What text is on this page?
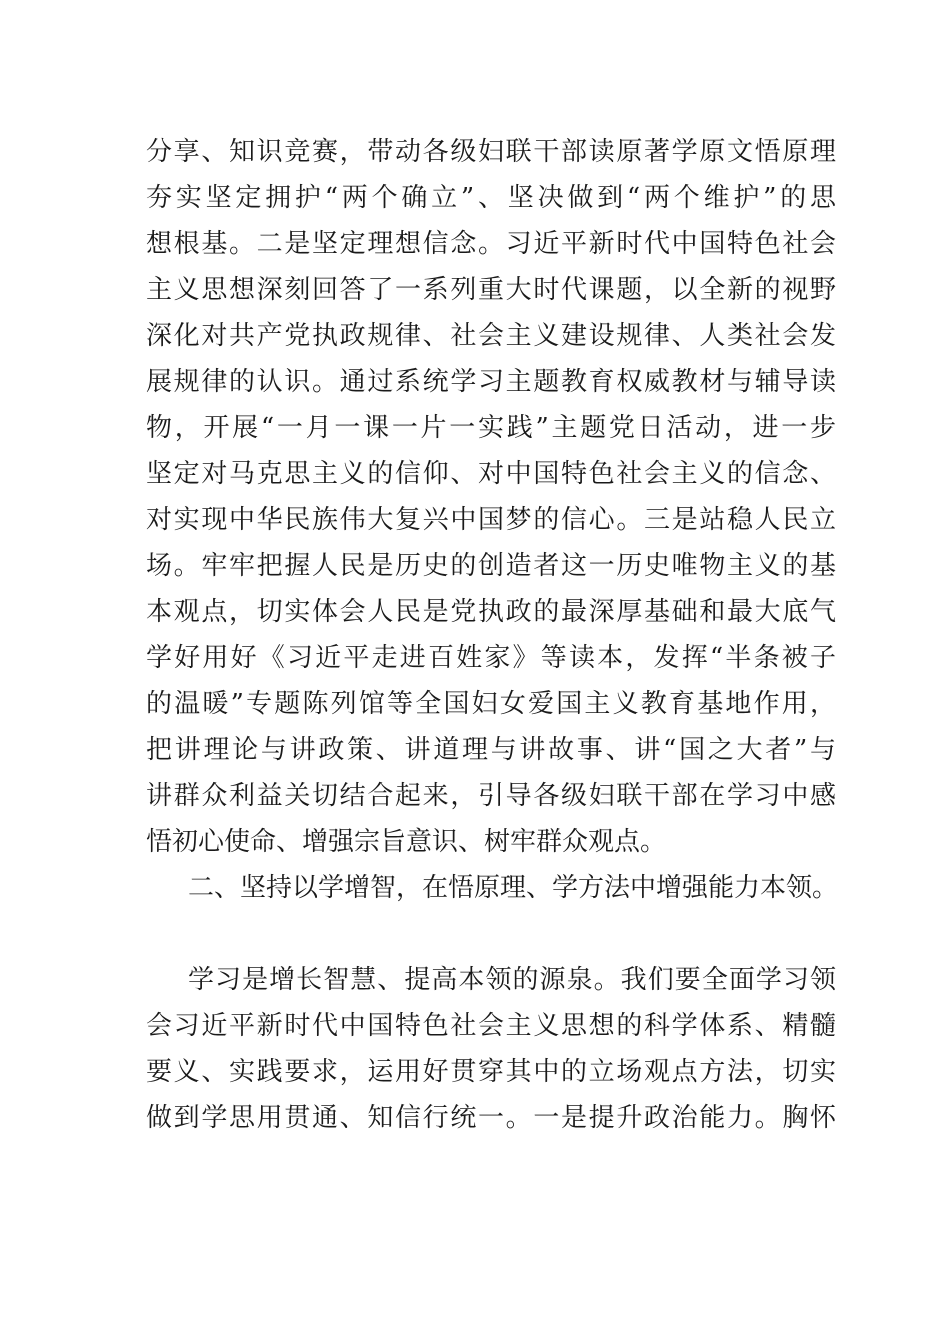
分享、知识竞赛，带动各级妇联干部读原著学原文悟原理
夯实坚定拥护“两个确立”、坚决做到“两个维护”的思
想根基。二是坚定理想信念。习近平新时代中国特色社会
主义思想深刻回答了一系列重大时代课题，以全新的视野
深化对共产党执政规律、社会主义建设规律、人类社会发
展规律的认识。通过系统学习主题教育权威教材与辅导读
物，开展“一月一课一片一实践”主题党日活动，进一步
坚定对马克思主义的信仰、对中国特色社会主义的信念、
对实现中华民族伟大复兴中国梦的信心。三是站稳人民立
场。牢牢把握人民是历史的创造者这一历史唯物主义的基
本观点，切实体会人民是党执政的最深厚基础和最大底气
学好用好《习近平走进百姓家》等读本，发挥“半条被子
的温暖”专题陈列馆等全国妇女爱国主义教育基地作用，
把讲理论与讲政策、讲道理与讲故事、讲“国之大者”与
讲群众利益关切结合起来，引导各级妇联干部在学习中感
悟初心使命、增强宗旨意识、树牢群众观点。
二、坚持以学增智，在悟原理、学方法中增强能力本领。
学习是增长智慧、提高本领的源泉。我们要全面学习领
会习近平新时代中国特色社会主义思想的科学体系、精髓
要义、实践要求，运用好贯穿其中的立场观点方法，切实
做到学思用贯通、知信行统一。一是提升政治能力。胸怀
